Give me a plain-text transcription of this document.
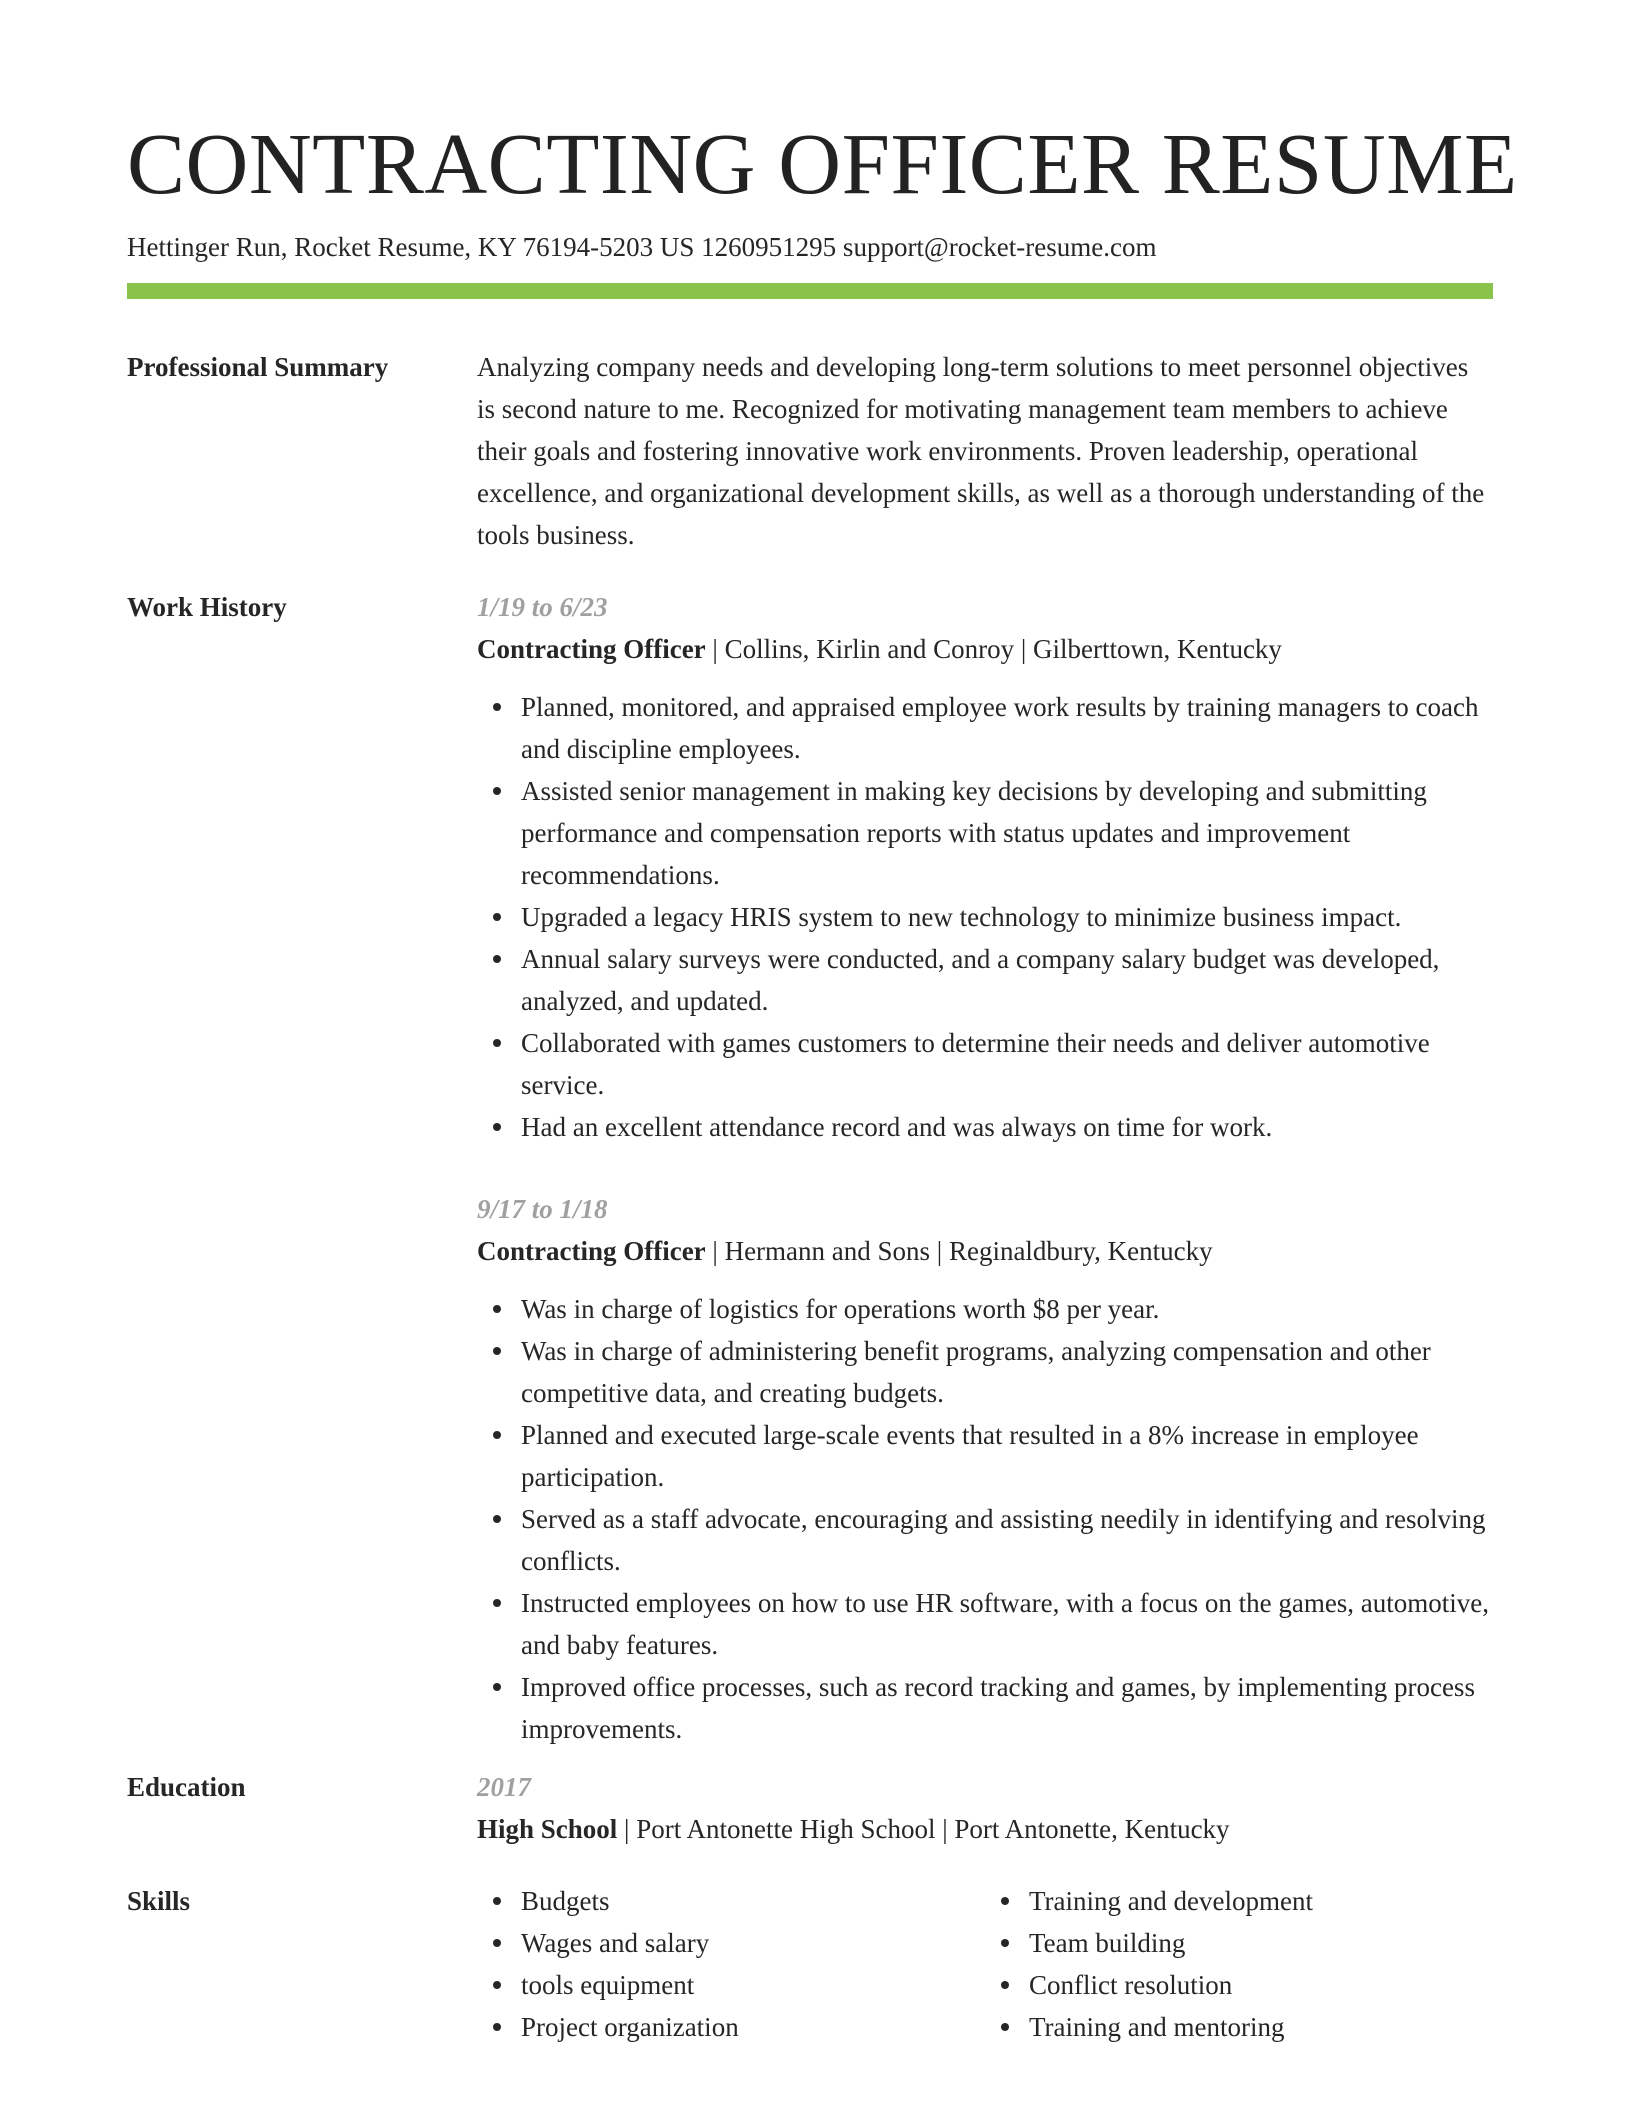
CONTRACTING OFFICER RESUME
Hettinger Run, Rocket Resume, KY 76194-5203 US 1260951295 support@rocket-resume.com
Professional Summary	Analyzing company needs and developing long-term solutions to meet personnel objectives is second nature to me. Recognized for motivating management team members to achieve their goals and fostering innovative work environments. Proven leadership, operational excellence, and organizational development skills, as well as a thorough understanding of the tools business.

Work History	1/19 to 6/23
Contracting Officer | Collins, Kirlin and Conroy | Gilberttown, Kentucky
Planned, monitored, and appraised employee work results by training managers to coach and discipline employees.
Assisted senior management in making key decisions by developing and submitting performance and compensation reports with status updates and improvement recommendations.
Upgraded a legacy HRIS system to new technology to minimize business impact.
Annual salary surveys were conducted, and a company salary budget was developed, analyzed, and updated.
Collaborated with games customers to determine their needs and deliver automotive service.
Had an excellent attendance record and was always on time for work.
9/17 to 1/18
Contracting Officer | Hermann and Sons | Reginaldbury, Kentucky
Was in charge of logistics for operations worth $8 per year.
Was in charge of administering benefit programs, analyzing compensation and other competitive data, and creating budgets.
Planned and executed large-scale events that resulted in a 8% increase in employee participation.
Served as a staff advocate, encouraging and assisting needily in identifying and resolving conflicts.
Instructed employees on how to use HR software, with a focus on the games, automotive, and baby features.
Improved office processes, such as record tracking and games, by implementing process improvements.
Education	2017
High School | Port Antonette High School | Port Antonette, Kentucky
Skills	Budgets
Wages and salary
tools equipment
Project organization
Training and development
Team building
Conflict resolution
Training and mentoring
